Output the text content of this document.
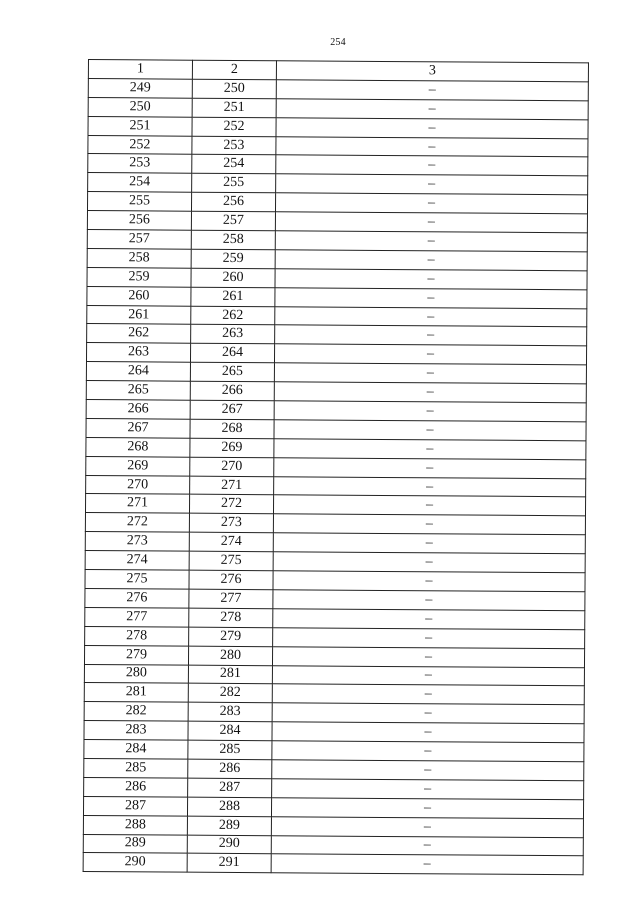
254
1	2	3
249	250	–
250	251	–
251	252	–
252	253	–
253	254	–
254	255	–
255	256	–
256	257	–
257	258	–
258	259	–
259	260	–
260	261	–
261	262	–
262	263	–
263	264	–
264	265	–
265	266	–
266	267	–
267	268	–
268	269	–
269	270	–
270	271	–
271	272	–
272	273	–
273	274	–
274	275	–
275	276	–
276	277	–
277	278	–
278	279	–
279	280	–
280	281	–
281	282	–
282	283	–
283	284	–
284	285	–
285	286	–
286	287	–
287	288	–
288	289	–
289	290	–
290	291	–
